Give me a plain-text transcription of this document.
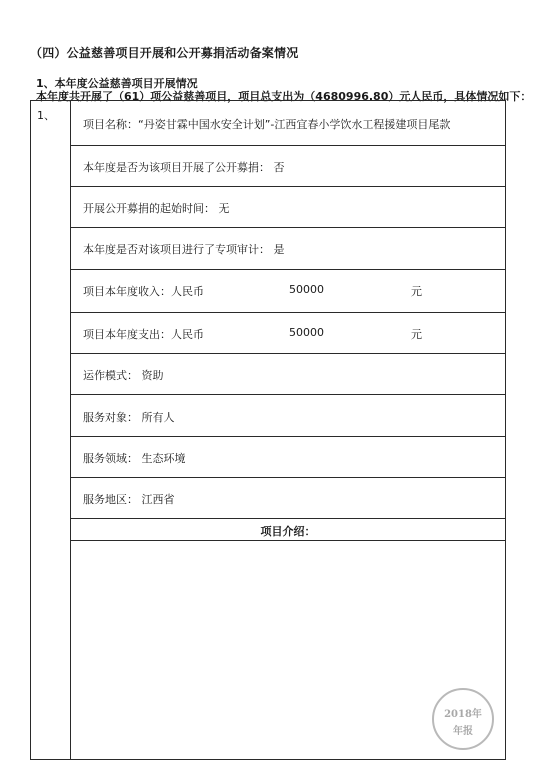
（四）公益慈善项目开展和公开募捐活动备案情况
1、本年度公益慈善项目开展情况
本年度共开展了（61）项公益慈善项目，项目总支出为（4680996.80）元人民币，具体情况如下：
1、
项目名称：“丹姿甘霖中国水安全计划”-江西宜春小学饮水工程援建项目尾款
本年度是否为该项目开展了公开募捐： 否
开展公开募捐的起始时间： 无
本年度是否对该项目进行了专项审计： 是
项目本年度收入：人民币	50000	元
项目本年度支出：人民币	50000	元
运作模式： 资助
服务对象： 所有人
服务领域： 生态环境
服务地区： 江西省
项目介绍：
2018年
年报
